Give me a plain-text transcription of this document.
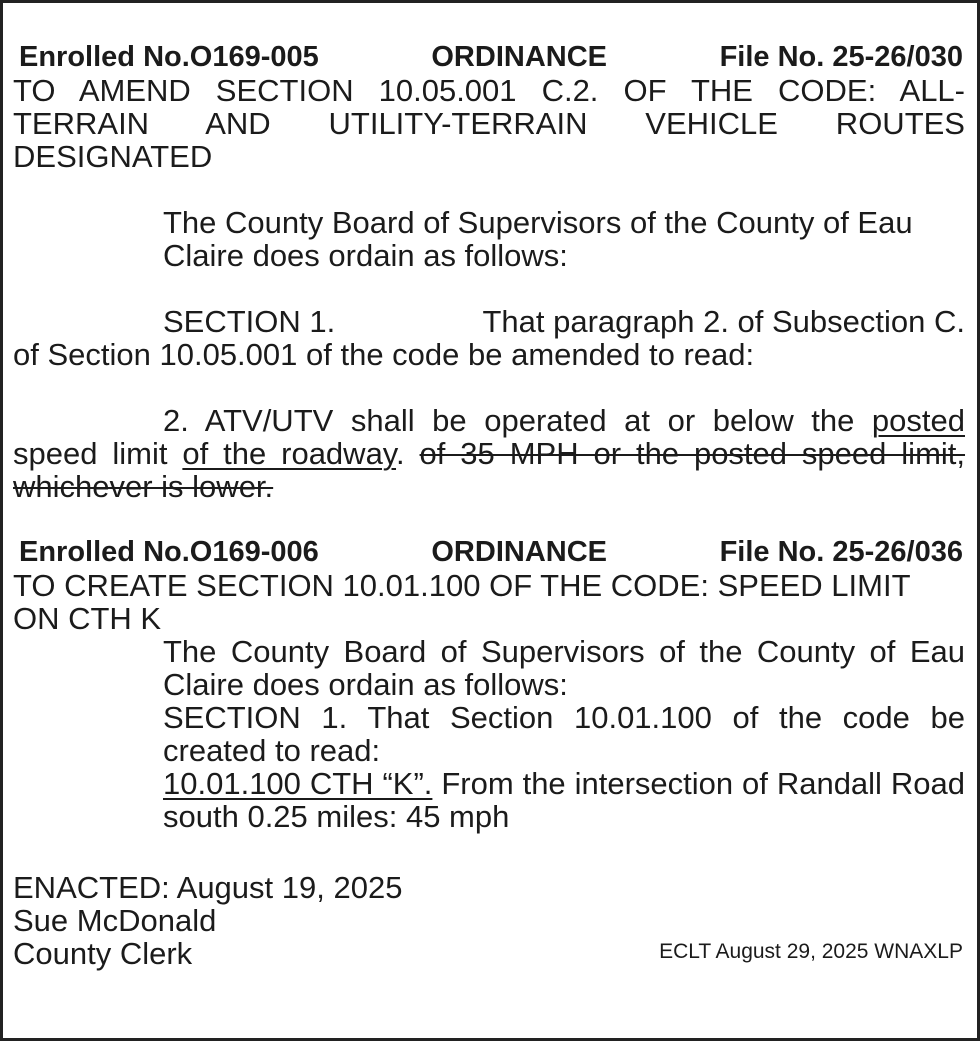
Enrolled No.O169-005	ORDINANCE	File No. 25-26/030
TO AMEND SECTION 10.05.001 C.2. OF THE CODE: ALL-TERRAIN AND UTILITY-TERRAIN VEHICLE ROUTES DESIGNATED
The County Board of Supervisors of the County of Eau Claire does ordain as follows:
SECTION 1.	That paragraph 2. of Subsection C.
of Section 10.05.001 of the code be amended to read:
2. ATV/UTV shall be operated at or below the posted speed limit of the roadway. of 35 MPH or the posted speed limit, whichever is lower.
Enrolled No.O169-006	ORDINANCE	File No. 25-26/036
TO CREATE SECTION 10.01.100 OF THE CODE: SPEED LIMIT ON CTH K
The County Board of Supervisors of the County of Eau Claire does ordain as follows:
SECTION 1. That Section 10.01.100 of the code be created to read:
10.01.100 CTH “K”. From the intersection of Randall Road south 0.25 miles: 45 mph
ENACTED: August 19, 2025
Sue McDonald
County Clerk	ECLT August 29, 2025 WNAXLP
